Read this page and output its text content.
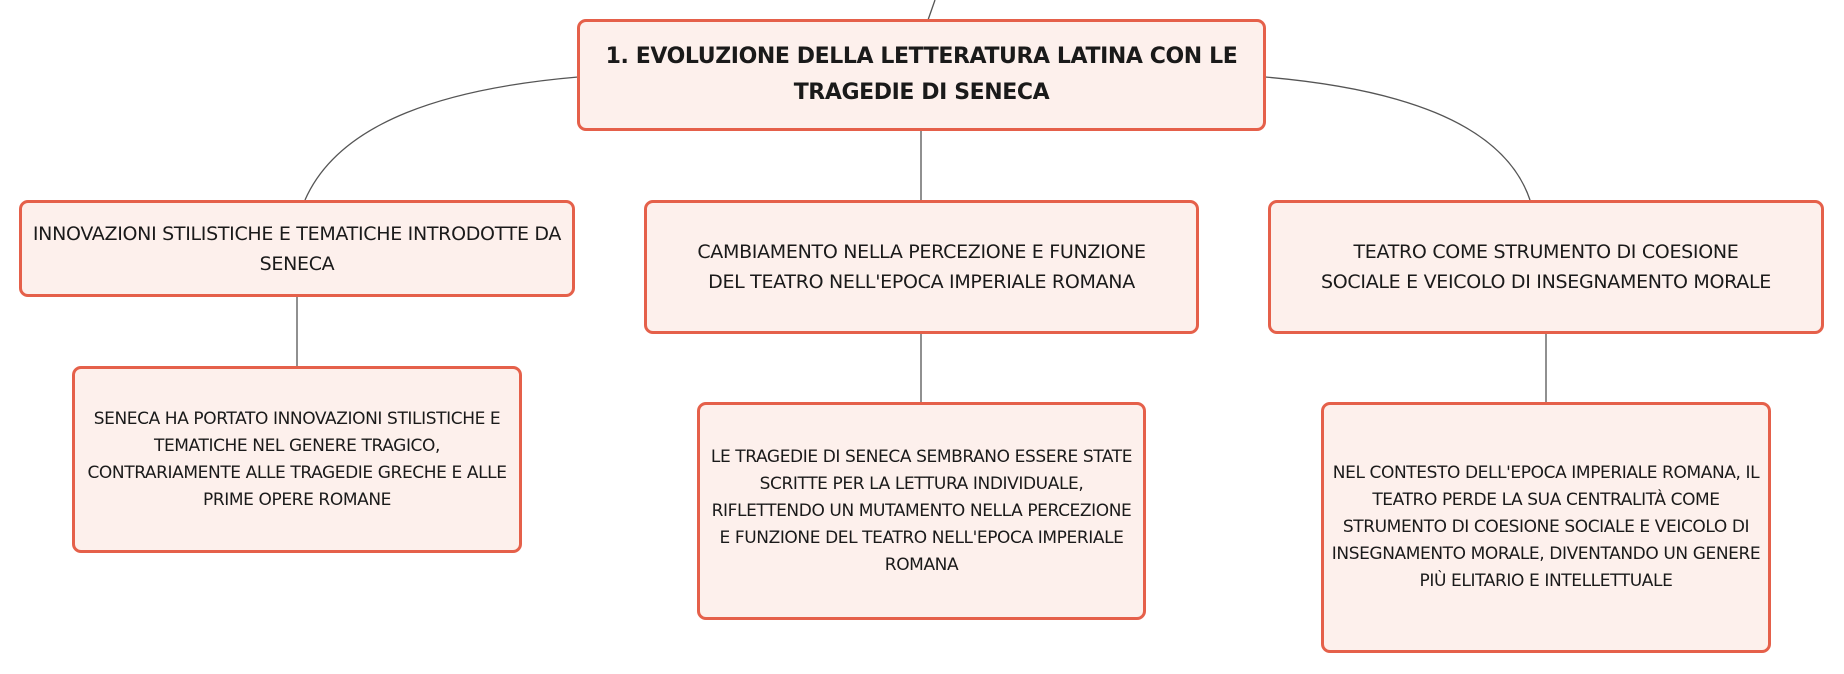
1. EVOLUZIONE DELLA LETTERATURA LATINA CON LE TRAGEDIE DI SENECA
INNOVAZIONI STILISTICHE E TEMATICHE INTRODOTTE DA SENECA
CAMBIAMENTO NELLA PERCEZIONE E FUNZIONE DEL TEATRO NELL'EPOCA IMPERIALE ROMANA
TEATRO COME STRUMENTO DI COESIONE SOCIALE E VEICOLO DI INSEGNAMENTO MORALE
SENECA HA PORTATO INNOVAZIONI STILISTICHE E TEMATICHE NEL GENERE TRAGICO, CONTRARIAMENTE ALLE TRAGEDIE GRECHE E ALLE PRIME OPERE ROMANE
LE TRAGEDIE DI SENECA SEMBRANO ESSERE STATE SCRITTE PER LA LETTURA INDIVIDUALE, RIFLETTENDO UN MUTAMENTO NELLA PERCEZIONE E FUNZIONE DEL TEATRO NELL'EPOCA IMPERIALE ROMANA
NEL CONTESTO DELL'EPOCA IMPERIALE ROMANA, IL TEATRO PERDE LA SUA CENTRALITÀ COME STRUMENTO DI COESIONE SOCIALE E VEICOLO DI INSEGNAMENTO MORALE, DIVENTANDO UN GENERE PIÙ ELITARIO E INTELLETTUALE
